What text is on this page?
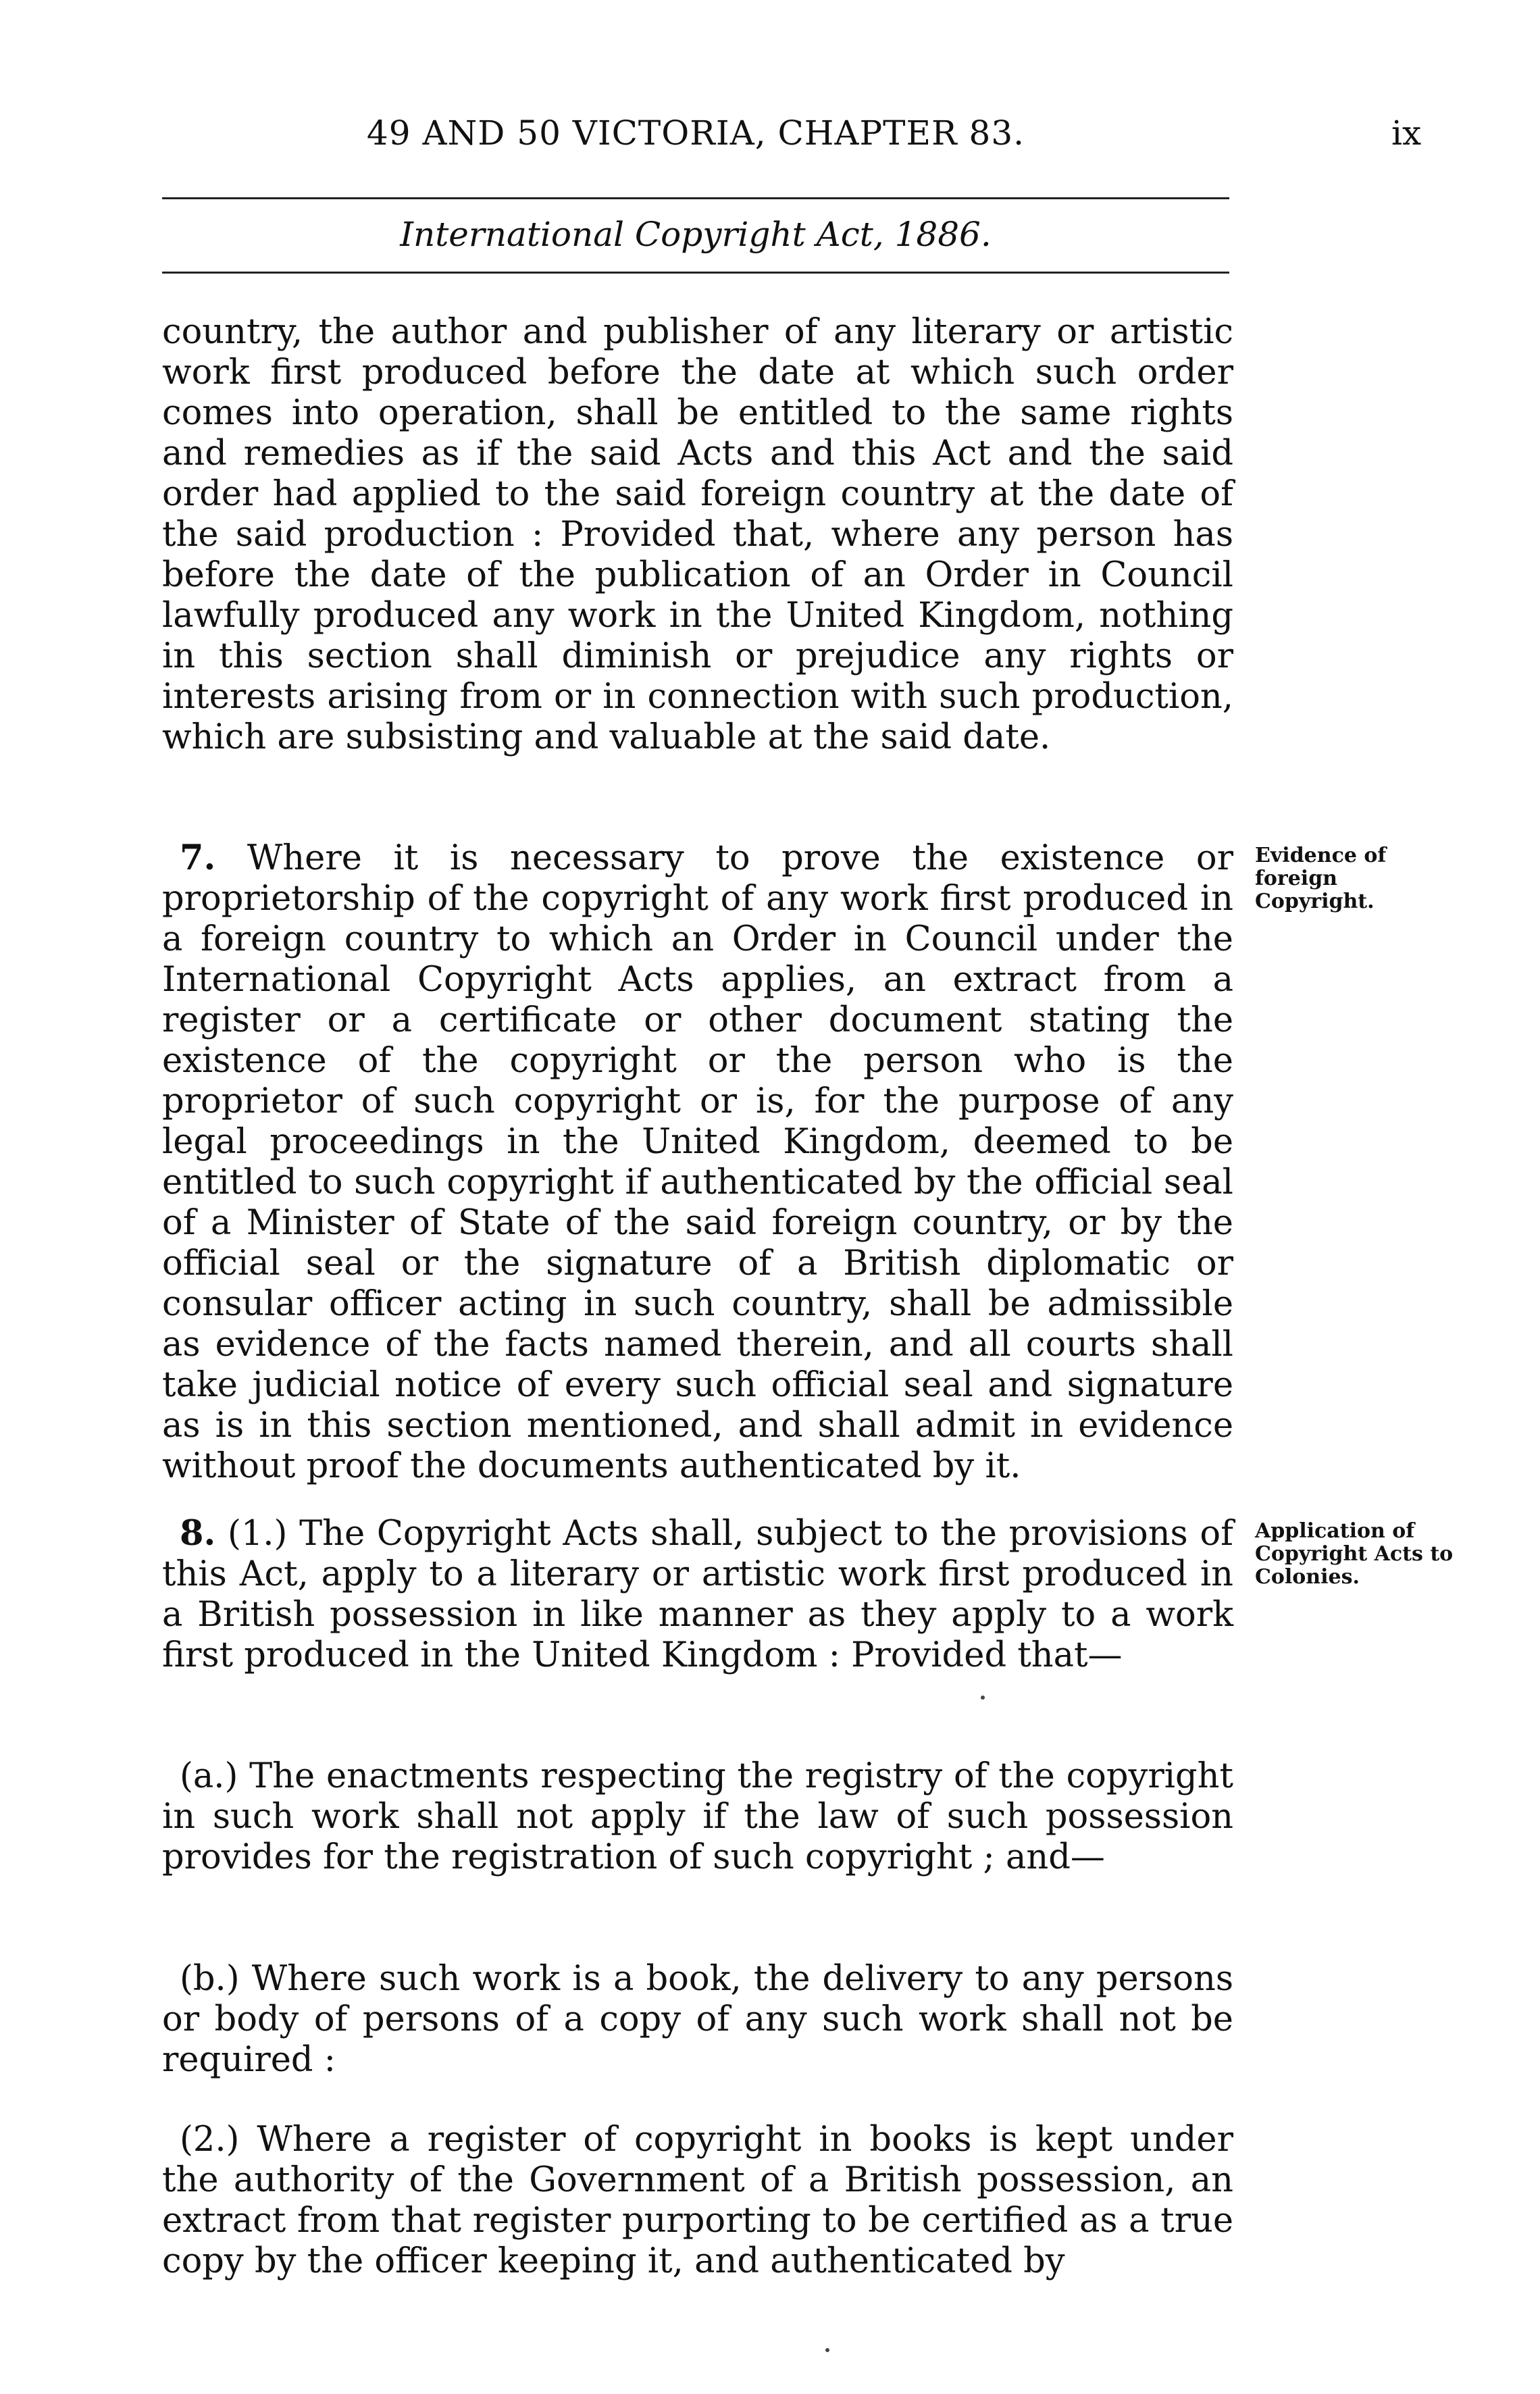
49 AND 50 VICTORIA, CHAPTER 83.	ix
International Copyright Act, 1886.

country, the author and publisher of any literary or artistic work first produced before the date at which such order comes into operation, shall be entitled to the same rights and remedies as if the said Acts and this Act and the said order had applied to the said foreign country at the date of the said production : Provided that, where any person has before the date of the publication of an Order in Council lawfully produced any work in the United Kingdom, nothing in this section shall diminish or prejudice any rights or interests arising from or in connection with such production, which are subsisting and valuable at the said date.

7. Where it is necessary to prove the existence or proprietorship of the copyright of any work first produced in a foreign country to which an Order in Council under the International Copyright Acts applies, an extract from a register or a certificate or other document stating the existence of the copyright or the person who is the proprietor of such copyright or is, for the purpose of any legal proceedings in the United Kingdom, deemed to be entitled to such copyright if authenticated by the official seal of a Minister of State of the said foreign country, or by the official seal or the signature of a British diplomatic or consular officer acting in such country, shall be admissible as evidence of the facts named therein, and all courts shall take judicial notice of every such official seal and signature as is in this section mentioned, and shall admit in evidence without proof the documents authenticated by it.

Evidence of foreign Copyright.

8. (1.) The Copyright Acts shall, subject to the provisions of this Act, apply to a literary or artistic work first produced in a British possession in like manner as they apply to a work first produced in the United Kingdom : Provided that—

Application of Copyright Acts to Colonies.

(a.) The enactments respecting the registry of the copyright in such work shall not apply if the law of such possession provides for the registration of such copyright ; and—

(b.) Where such work is a book, the delivery to any persons or body of persons of a copy of any such work shall not be required :

(2.) Where a register of copyright in books is kept under the authority of the Government of a British possession, an extract from that register purporting to be certified as a true copy by the officer keeping it, and authenticated by
